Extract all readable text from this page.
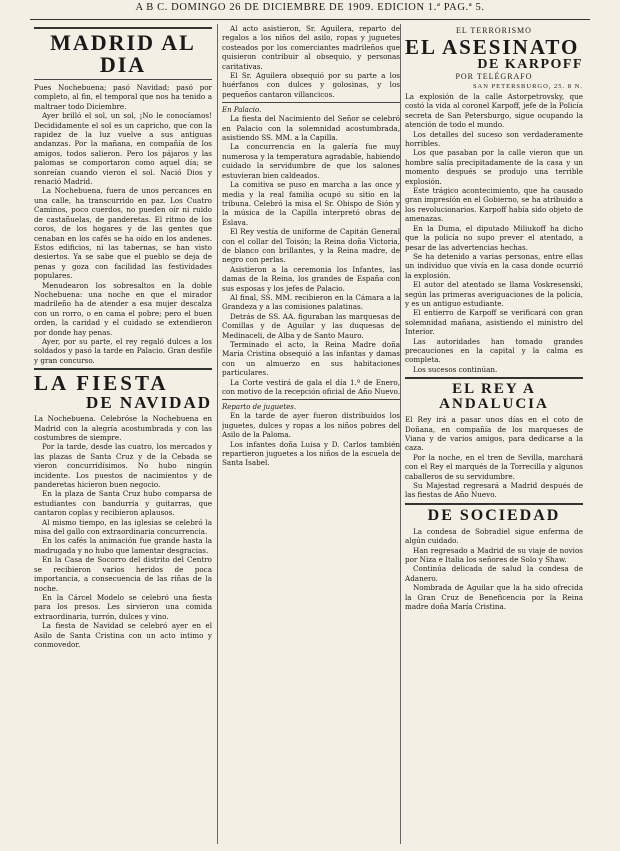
A B C. DOMINGO 26 DE DICIEMBRE DE 1909. EDICION 1.ª PAG.ª 5.
MADRID AL DIA

Pues Nochebuena; pasó Navidad; pasó por completo, al fin, el temporal que nos ha tenido a maltraer todo Diciembre.

Ayer brilló el sol, un sol, ¡No le conocíamos! Decididamente el sol es un capricho, que con la rapidez de la luz vuelve a sus antiguas andanzas. Por la mañana, en compañía de los amigos, todos salieron. Pero los pájaros y las palomas se comportaron como aquel día; se sonreían cuando vieron el sol. Nació Dios y renació Madrid.

La Nochebuena, fuera de unos percances en una calle, ha transcurrido en paz. Los Cuatro Caminos, poco cuerdos, no pueden oír ni ruido de castañuelas, de panderetas. El ritmo de los coros, de los hogares y de las gentes que cenaban en los cafés se ha oído en los andenes. Estos edificios, ni las tabernas, se han visto desiertos. Ya se sabe que el pueblo se deja de penas y goza con facilidad las festividades populares.

Menudearon los sobresaltos en la doble Nochebuena: una noche en que el mirador madrileño ha de atender a esa mujer descalza con un rorro, o en cama el pobre; pero el buen orden, la caridad y el cuidado se extendieron por donde hay penas.

Ayer, por su parte, el rey regaló dulces a los soldados y pasó la tarde en Palacio. Gran desfile y gran concurso.

LA FIESTA
DE NAVIDAD

La Nochebuena. Celebróse la Nochebuena en Madrid con la alegría acostumbrada y con las costumbres de siempre.

Por la tarde, desde las cuatro, los mercados y las plazas de Santa Cruz y de la Cebada se vieron concurridísimos. No hubo ningún incidente. Los puestos de nacimientos y de panderetas hicieron buen negocio.

En la plaza de Santa Cruz hubo comparsa de estudiantes con bandurria y guitarras, que cantaron coplas y recibieron aplausos.

Al mismo tiempo, en las iglesias se celebró la misa del gallo con extraordinaria concurrencia.

En los cafés la animación fue grande hasta la madrugada y no hubo que lamentar desgracias.

En la Casa de Socorro del distrito del Centro se recibieron varios heridos de poca importancia, a consecuencia de las riñas de la noche.

En la Cárcel Modelo se celebró una fiesta para los presos. Les sirvieron una comida extraordinaria, turrón, dulces y vino.

La fiesta de Navidad se celebró ayer en el Asilo de Santa Cristina con un acto intimo y conmovedor.

Al acto asistieron, Sr. Aguilera, reparto de regalos a los niños del asilo, ropas y juguetes costeados por los comerciantes madrileños que quisieron contribuir al obsequio, y personas caritativas.

El Sr. Aguilera obsequió por su parte a los huérfanos con dulces y golosinas, y los pequeños cantaron villancicos.

En Palacio.

La fiesta del Nacimiento del Señor se celebró en Palacio con la solemnidad acostumbrada, asistiendo SS. MM. a la Capilla.

La concurrencia en la galería fue muy numerosa y la temperatura agradable, habiendo cuidado la servidumbre de que los salones estuvieran bien caldeados.

La comitiva se puso en marcha a las once y media y la real familia ocupó su sitio en la tribuna. Celebró la misa el Sr. Obispo de Sión y la música de la Capilla interpretó obras de Eslava.

El Rey vestía de uniforme de Capitán General con el collar del Toisón; la Reina doña Victoria, de blanco con brillantes, y la Reina madre, de negro con perlas.

Asistieron a la ceremonia los Infantes, las damas de la Reina, los grandes de España con sus esposas y los jefes de Palacio.

Al final, SS. MM. recibieron en la Cámara a la Grandeza y a las comisiones palatinas.

Detrás de SS. AA. figuraban las marquesas de Comillas y de Aguilar y las duquesas de Medinaceli, de Alba y de Santo Mauro.

Terminado el acto, la Reina Madre doña María Cristina obsequió a las infantas y damas con un almuerzo en sus habitaciones particulares.

La Corte vestirá de gala el día 1.º de Enero, con motivo de la recepción oficial de Año Nuevo.

Reparto de juguetes.

En la tarde de ayer fueron distribuidos los juguetes, dulces y ropas a los niños pobres del Asilo de la Paloma.

Los infantes doña Luisa y D. Carlos también repartieron juguetes a los niños de la escuela de Santa Isabel.

EL TERRORISMO
EL ASESINATO
DE KARPOFF
POR TELÉGRAFO
SAN PETERSBURGO, 25. 8 N.

La explosión de la calle Astorpetrovsky, que costó la vida al coronel Karpoff, jefe de la Policía secreta de San Petersburgo, sigue ocupando la atención de todo el mundo.

Los detalles del suceso son verdaderamente horribles.

Los que pasaban por la calle vieron que un hombre salía precipitadamente de la casa y un momento después se produjo una terrible explosión.

Este trágico acontecimiento, que ha causado gran impresión en el Gobierno, se ha atribuido a los revolucionarios. Karpoff había sido objeto de amenazas.

En la Duma, el diputado Miliukoff ha dicho que la policía no supo prever el atentado, a pesar de las advertencias hechas.

Se ha detenido a varias personas, entre ellas un individuo que vivía en la casa donde ocurrió la explosión.

El autor del atentado se llama Voskresenski, según las primeras averiguaciones de la policía, y es un antiguo estudiante.

El entierro de Karpoff se verificará con gran solemnidad mañana, asistiendo el ministro del Interior.

Las autoridades han tomado grandes precauciones en la capital y la calma es completa.

Los sucesos continúan.

EL REY A ANDALUCIA

El Rey irá a pasar unos días en el coto de Doñana, en compañía de los marqueses de Viana y de varios amigos, para dedicarse a la caza.

Por la noche, en el tren de Sevilla, marchará con el Rey el marqués de la Torrecilla y algunos caballeros de su servidumbre.

Su Majestad regresará a Madrid después de las fiestas de Año Nuevo.

DE SOCIEDAD

La condesa de Sobradiel sigue enferma de algún cuidado.

Han regresado a Madrid de su viaje de novios por Niza e Italia los señores de Solo y Shaw.

Continúa delicada de salud la condesa de Adanero.

Nombrada de Aguilar que la ha sido ofrecida la Gran Cruz de Beneficencia por la Reina madre doña María Cristina.
